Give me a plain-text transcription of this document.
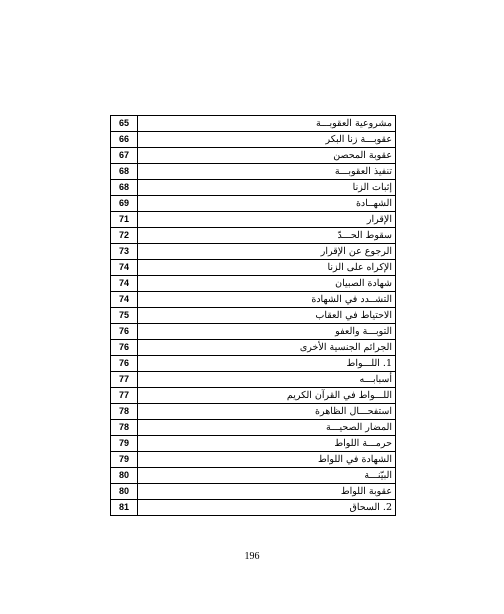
65	مشروعية العقوبـــة
66	عقوبـــة زنا البكر
67	عقوبة المحصن
68	تنفيذ العقوبـــة
68	إثبات الزنا
69	الشهــادة
71	الإقرار
72	سقوط الحـــدّ
73	الرجوع عن الإقرار
74	الإكراه على الزنا
74	شهادة الصبيان
74	التشــدد في الشهادة
75	الاحتياط في العقاب
76	التوبـــة والعفو
76	الجرائم الجنسية الأخرى
76	1. اللـــواط
77	أسبابـــه
77	اللـــواط في القرآن الكريم
78	استفحـــال الظاهرة
78	المضار الصحيـــة
79	حرمـــة اللواط
79	الشهادة في اللواط
80	البيّنـــة
80	عقوبة اللواط
81	2. السحاق
196
